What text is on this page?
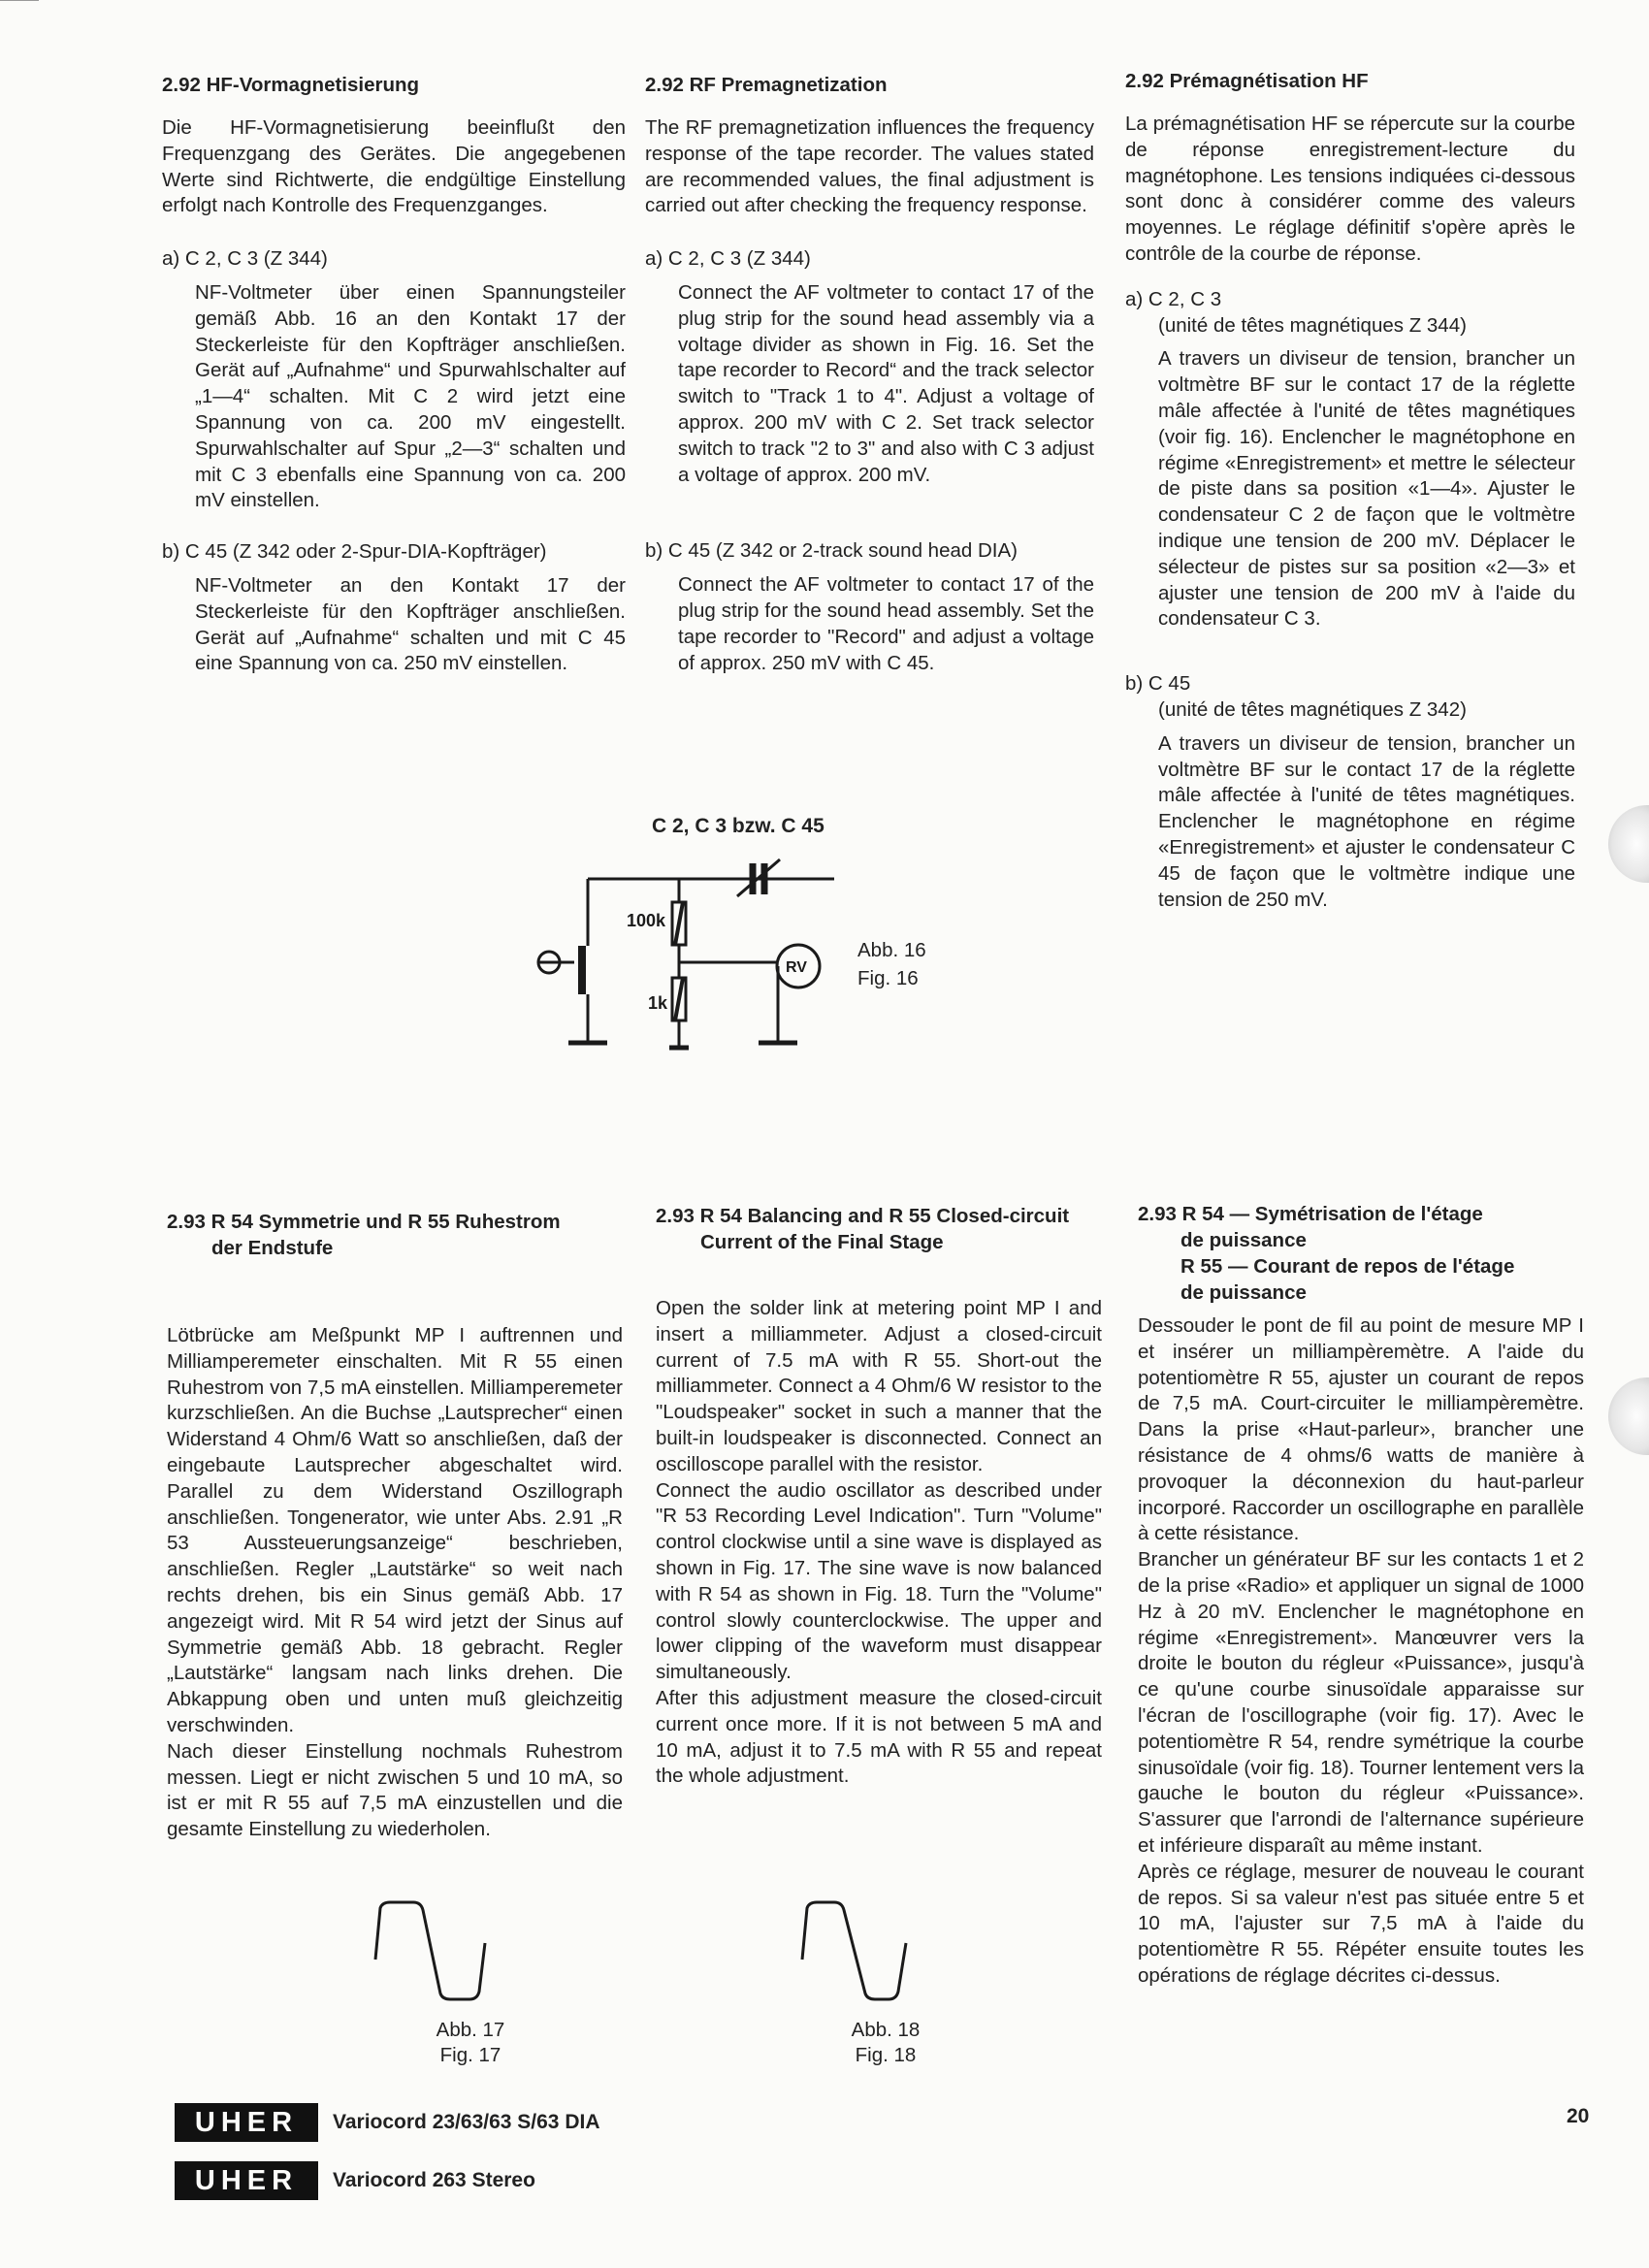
2.92 HF-Vormagnetisierung

Die HF-Vormagnetisierung beeinflußt den Frequenzgang des Gerätes. Die angegebenen Werte sind Richtwerte, die endgültige Einstellung erfolgt nach Kontrolle des Frequenzganges.

a) C 2, C 3 (Z 344)

NF-Voltmeter über einen Spannungsteiler gemäß Abb. 16 an den Kontakt 17 der Steckerleiste für den Kopfträger anschließen. Gerät auf „Aufnahme“ und Spurwahlschalter auf „1—4“ schalten. Mit C 2 wird jetzt eine Spannung von ca. 200 mV eingestellt. Spurwahlschalter auf Spur „2—3“ schalten und mit C 3 ebenfalls eine Spannung von ca. 200 mV einstellen.

b) C 45 (Z 342 oder 2-Spur-DIA-Kopfträger)

NF-Voltmeter an den Kontakt 17 der Steckerleiste für den Kopfträger anschließen. Gerät auf „Aufnahme“ schalten und mit C 45 eine Spannung von ca. 250 mV einstellen.

2.92 RF Premagnetization

The RF premagnetization influences the frequency response of the tape recorder. The values stated are recommended values, the final adjustment is carried out after checking the frequency response.

a) C 2, C 3 (Z 344)

Connect the AF voltmeter to contact 17 of the plug strip for the sound head assembly via a voltage divider as shown in Fig. 16. Set the tape recorder to Record“ and the track selector switch to "Track 1 to 4". Adjust a voltage of approx. 200 mV with C 2. Set track selector switch to track "2 to 3" and also with C 3 adjust a voltage of approx. 200 mV.

b) C 45 (Z 342 or 2-track sound head DIA)

Connect the AF voltmeter to contact 17 of the plug strip for the sound head assembly. Set the tape recorder to "Record" and adjust a voltage of approx. 250 mV with C 45.

2.92 Prémagnétisation HF

La prémagnétisation HF se répercute sur la courbe de réponse enregistrement-lecture du magnétophone. Les tensions indiquées ci-dessous sont donc à considérer comme des valeurs moyennes. Le réglage définitif s'opère après le contrôle de la courbe de réponse.

a) C 2, C 3

(unité de têtes magnétiques Z 344)

A travers un diviseur de tension, brancher un voltmètre BF sur le contact 17 de la réglette mâle affectée à l'unité de têtes magnétiques (voir fig. 16). Enclencher le magnétophone en régime «Enregistrement» et mettre le sélecteur de piste dans sa position «1—4». Ajuster le condensateur C 2 de façon que le voltmètre indique une tension de 200 mV. Déplacer le sélecteur de pistes sur sa position «2—3» et ajuster une tension de 200 mV à l'aide du condensateur C 3.

b) C 45

(unité de têtes magnétiques Z 342)

A travers un diviseur de tension, brancher un voltmètre BF sur le contact 17 de la réglette mâle affectée à l'unité de têtes magnétiques. Enclencher le magnétophone en régime «Enregistrement» et ajuster le condensateur C 45 de façon que le voltmètre indique une tension de 250 mV.

C 2, C 3 bzw. C 45
100k
1k
RV
Abb. 16
Fig. 16
2.93 R 54 Symmetrie und R 55 Ruhestrom
der Endstufe

Lötbrücke am Meßpunkt MP I auftrennen und Milliamperemeter einschalten. Mit R 55 einen Ruhestrom von 7,5 mA einstellen. Milliamperemeter kurzschließen. An die Buchse „Lautsprecher“ einen Widerstand 4 Ohm/6 Watt so anschließen, daß der eingebaute Lautsprecher abgeschaltet wird. Parallel zu dem Widerstand Oszillograph anschließen. Tongenerator, wie unter Abs. 2.91 „R 53 Aussteuerungsanzeige“ beschrieben, anschließen. Regler „Lautstärke“ so weit nach rechts drehen, bis ein Sinus gemäß Abb. 17 angezeigt wird. Mit R 54 wird jetzt der Sinus auf Symmetrie gemäß Abb. 18 gebracht. Regler „Lautstärke“ langsam nach links drehen. Die Abkappung oben und unten muß gleichzeitig verschwinden.

Nach dieser Einstellung nochmals Ruhestrom messen. Liegt er nicht zwischen 5 und 10 mA, so ist er mit R 55 auf 7,5 mA einzustellen und die gesamte Einstellung zu wiederholen.

2.93 R 54 Balancing and R 55 Closed-circuit
Current of the Final Stage

Open the solder link at metering point MP I and insert a milliammeter. Adjust a closed-circuit current of 7.5 mA with R 55. Short-out the milliammeter. Connect a 4 Ohm/6 W resistor to the "Loudspeaker" socket in such a manner that the built-in loudspeaker is disconnected. Connect an oscilloscope parallel with the resistor.

Connect the audio oscillator as described under "R 53 Recording Level Indication". Turn "Volume" control clockwise until a sine wave is displayed as shown in Fig. 17. The sine wave is now balanced with R 54 as shown in Fig. 18. Turn the "Volume" control slowly counterclockwise. The upper and lower clipping of the waveform must disappear simultaneously.

After this adjustment measure the closed-circuit current once more. If it is not between 5 mA and 10 mA, adjust it to 7.5 mA with R 55 and repeat the whole adjustment.

2.93 R 54 — Symétrisation de l'étage
de puissance
R 55 — Courant de repos de l'étage
de puissance

Dessouder le pont de fil au point de mesure MP I et insérer un milliampèremètre. A l'aide du potentiomètre R 55, ajuster un courant de repos de 7,5 mA. Court-circuiter le milliampèremètre. Dans la prise «Haut-parleur», brancher une résistance de 4 ohms/6 watts de manière à provoquer la déconnexion du haut-parleur incorporé. Raccorder un oscillographe en parallèle à cette résistance.

Brancher un générateur BF sur les contacts 1 et 2 de la prise «Radio» et appliquer un signal de 1000 Hz à 20 mV. Enclencher le magnétophone en régime «Enregistrement». Manœuvrer vers la droite le bouton du régleur «Puissance», jusqu'à ce qu'une courbe sinusoïdale apparaisse sur l'écran de l'oscillographe (voir fig. 17). Avec le potentiomètre R 54, rendre symétrique la courbe sinusoïdale (voir fig. 18). Tourner lentement vers la gauche le bouton du régleur «Puissance». S'assurer que l'arrondi de l'alternance supérieure et inférieure disparaît au même instant.

Après ce réglage, mesurer de nouveau le courant de repos. Si sa valeur n'est pas située entre 5 et 10 mA, l'ajuster sur 7,5 mA à l'aide du potentiomètre R 55. Répéter ensuite toutes les opérations de réglage décrites ci-dessus.

Abb. 17
Fig. 17
Abb. 18
Fig. 18
UHER	Variocord 23/63/63 S/63 DIA
UHER	Variocord 263 Stereo
20
